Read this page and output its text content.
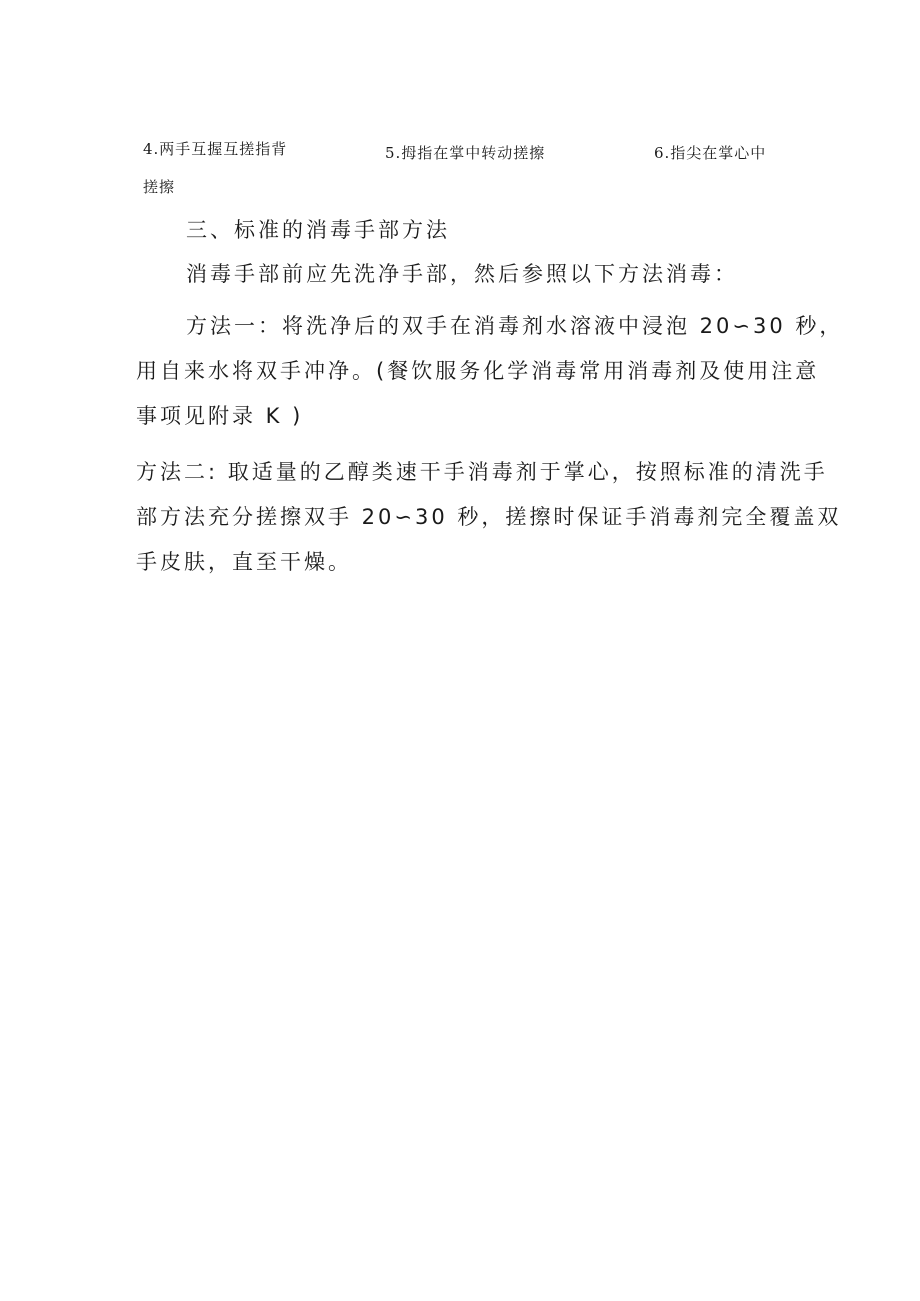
4.两手互握互搓指背
搓擦
5.拇指在掌中转动搓擦	6.指尖在掌心中
三、标准的消毒手部方法
消毒手部前应先洗净手部，然后参照以下方法消毒：
方法一：将洗净后的双手在消毒剂水溶液中浸泡 20∽30 秒，
用自来水将双手冲净。(餐饮服务化学消毒常用消毒剂及使用注意
事项见附录 K )
方法二: 取适量的乙醇类速干手消毒剂于掌心，按照标准的清洗手
部方法充分搓擦双手 20∽30 秒，搓擦时保证手消毒剂完全覆盖双
手皮肤，直至干燥。
